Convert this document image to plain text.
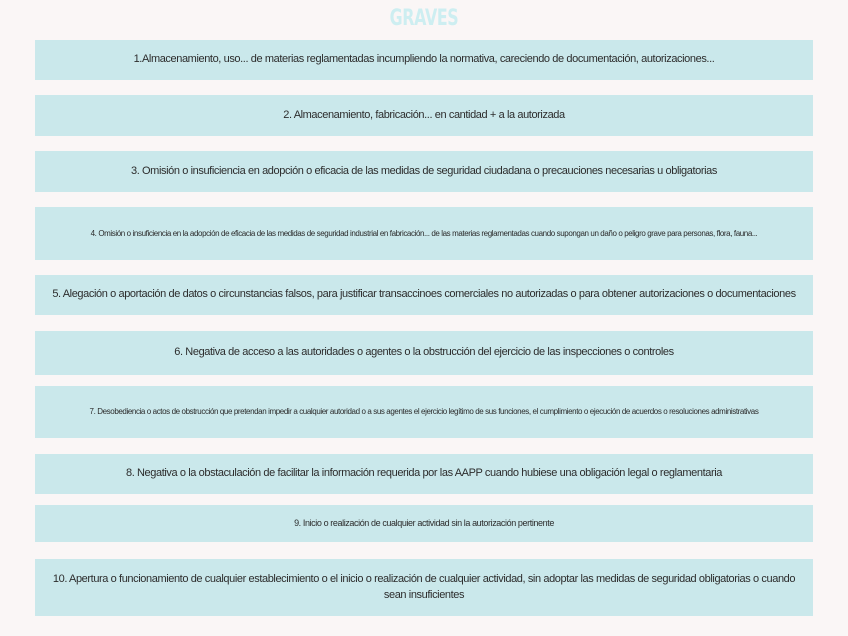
GRAVES
1.Almacenamiento, uso... de materias reglamentadas incumpliendo la normativa, careciendo de documentación, autorizaciones...
2. Almacenamiento, fabricación... en cantidad + a la autorizada
3. Omisión o insuficiencia en adopción o eficacia de las medidas de seguridad ciudadana o precauciones necesarias u obligatorias
4. Omisión o insuficiencia en la adopción de eficacia de las medidas de seguridad industrial en fabricación... de las materias reglamentadas cuando supongan un daño o peligro grave para personas, flora, fauna...
5. Alegación o aportación de datos o circunstancias falsos, para justificar transaccinoes comerciales no autorizadas o para obtener autorizaciones o documentaciones
6. Negativa de acceso a las autoridades o agentes o la obstrucción del ejercicio de las inspecciones o controles
7. Desobediencia o actos de obstrucción que pretendan impedir a cualquier autoridad o a sus agentes el ejercicio legítimo de sus funciones, el cumplimiento o ejecución de acuerdos o resoluciones administrativas
8. Negativa o la obstaculación de facilitar la información requerida por las AAPP cuando hubiese una obligación legal o reglamentaria
9. Inicio o realización de cualquier actividad sin la autorización pertinente
10. Apertura o funcionamiento de cualquier establecimiento o el inicio o realización de cualquier actividad, sin adoptar las medidas de seguridad obligatorias o cuando sean insuficientes
